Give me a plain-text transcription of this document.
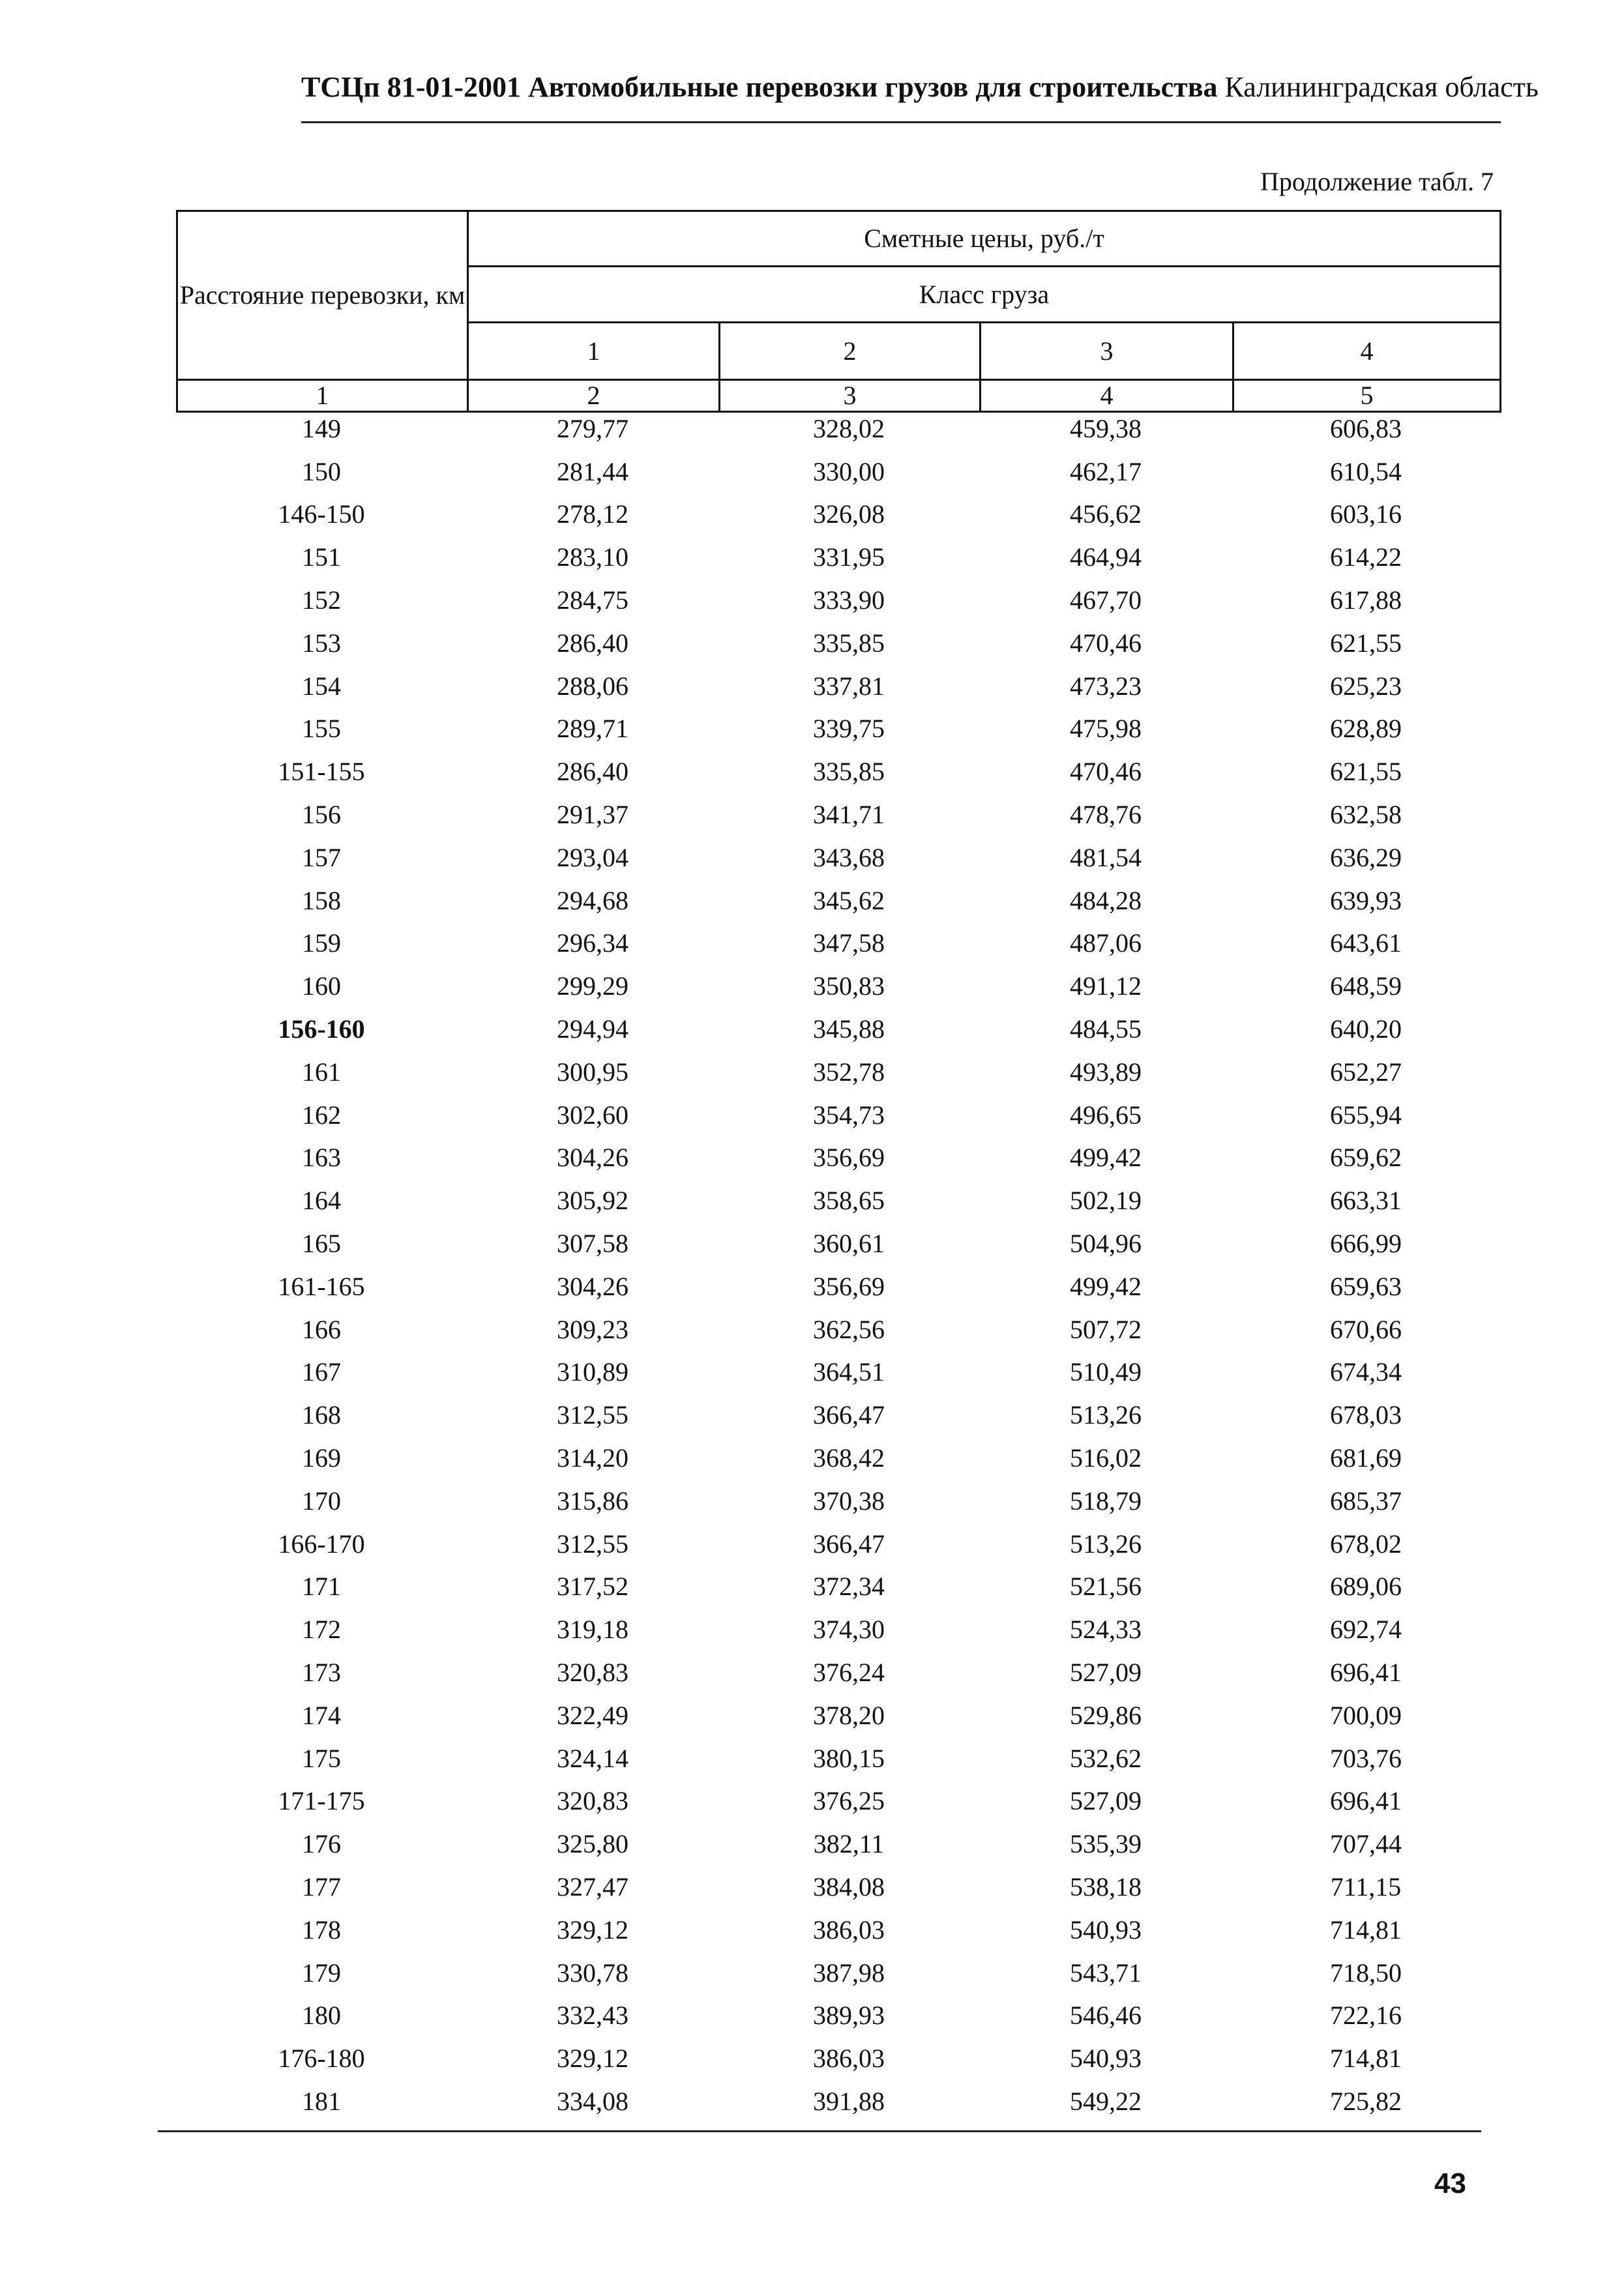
ТСЦп 81-01-2001 Автомобильные перевозки грузов для строительства Калининградская область
Продолжение табл. 7
Расстояние перевозки, км	Сметные цены, руб./т			
	Класс груза			
	1	2	3	4
1	2	3	4	5
149	279,77	328,02	459,38	606,83
150	281,44	330,00	462,17	610,54
146-150	278,12	326,08	456,62	603,16
151	283,10	331,95	464,94	614,22
152	284,75	333,90	467,70	617,88
153	286,40	335,85	470,46	621,55
154	288,06	337,81	473,23	625,23
155	289,71	339,75	475,98	628,89
151-155	286,40	335,85	470,46	621,55
156	291,37	341,71	478,76	632,58
157	293,04	343,68	481,54	636,29
158	294,68	345,62	484,28	639,93
159	296,34	347,58	487,06	643,61
160	299,29	350,83	491,12	648,59
156-160	294,94	345,88	484,55	640,20
161	300,95	352,78	493,89	652,27
162	302,60	354,73	496,65	655,94
163	304,26	356,69	499,42	659,62
164	305,92	358,65	502,19	663,31
165	307,58	360,61	504,96	666,99
161-165	304,26	356,69	499,42	659,63
166	309,23	362,56	507,72	670,66
167	310,89	364,51	510,49	674,34
168	312,55	366,47	513,26	678,03
169	314,20	368,42	516,02	681,69
170	315,86	370,38	518,79	685,37
166-170	312,55	366,47	513,26	678,02
171	317,52	372,34	521,56	689,06
172	319,18	374,30	524,33	692,74
173	320,83	376,24	527,09	696,41
174	322,49	378,20	529,86	700,09
175	324,14	380,15	532,62	703,76
171-175	320,83	376,25	527,09	696,41
176	325,80	382,11	535,39	707,44
177	327,47	384,08	538,18	711,15
178	329,12	386,03	540,93	714,81
179	330,78	387,98	543,71	718,50
180	332,43	389,93	546,46	722,16
176-180	329,12	386,03	540,93	714,81
181	334,08	391,88	549,22	725,82
43
